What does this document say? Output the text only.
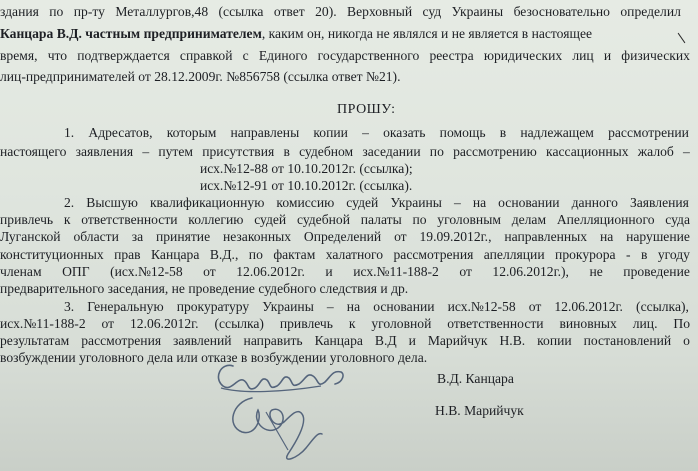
здания по пр-ту Металлургов,48 (ссылка ответ 20). Верховный суд Украины безосновательно определил
Канцара В.Д. частным предпринимателем, каким он, никогда не являлся и не является в настоящее
время, что подтверждается справкой с Единого государственного реестра юридических лиц и физических
лиц-предпринимателей от 28.12.2009г. №856758 (ссылка ответ №21).
ПРОШУ:
1. Адресатов, которым направлены копии – оказать помощь в надлежащем рассмотрении
настоящего заявления – путем присутствия в судебном заседании по рассмотрению кассационных жалоб –
исх.№12-88 от 10.10.2012г. (ссылка);
исх.№12-91 от 10.10.2012г. (ссылка).
2. Высшую квалификационную комиссию судей Украины – на основании данного Заявления
привлечь к ответственности коллегию судей судебной палаты по уголовным делам Апелляционного суда
Луганской области за принятие незаконных Определений от 19.09.2012г., направленных на нарушение
конституционных прав Канцара В.Д., по фактам халатного рассмотрения апелляции прокурора - в угоду
членам ОПГ (исх.№12-58 от 12.06.2012г. и исх.№11-188-2 от 12.06.2012г.), не проведение
предварительного заседания, не проведение судебного следствия и др.
3. Генеральную прокуратуру Украины – на основании исх.№12-58 от 12.06.2012г. (ссылка),
исх.№11-188-2 от 12.06.2012г. (ссылка) привлечь к уголовной ответственности виновных лиц. По
результатам рассмотрения заявлений направить Канцара В.Д и Марийчук Н.В. копии постановлений о
возбуждении уголовного дела или отказе в возбуждении уголовного дела.
В.Д. Канцара
Н.В. Марийчук
